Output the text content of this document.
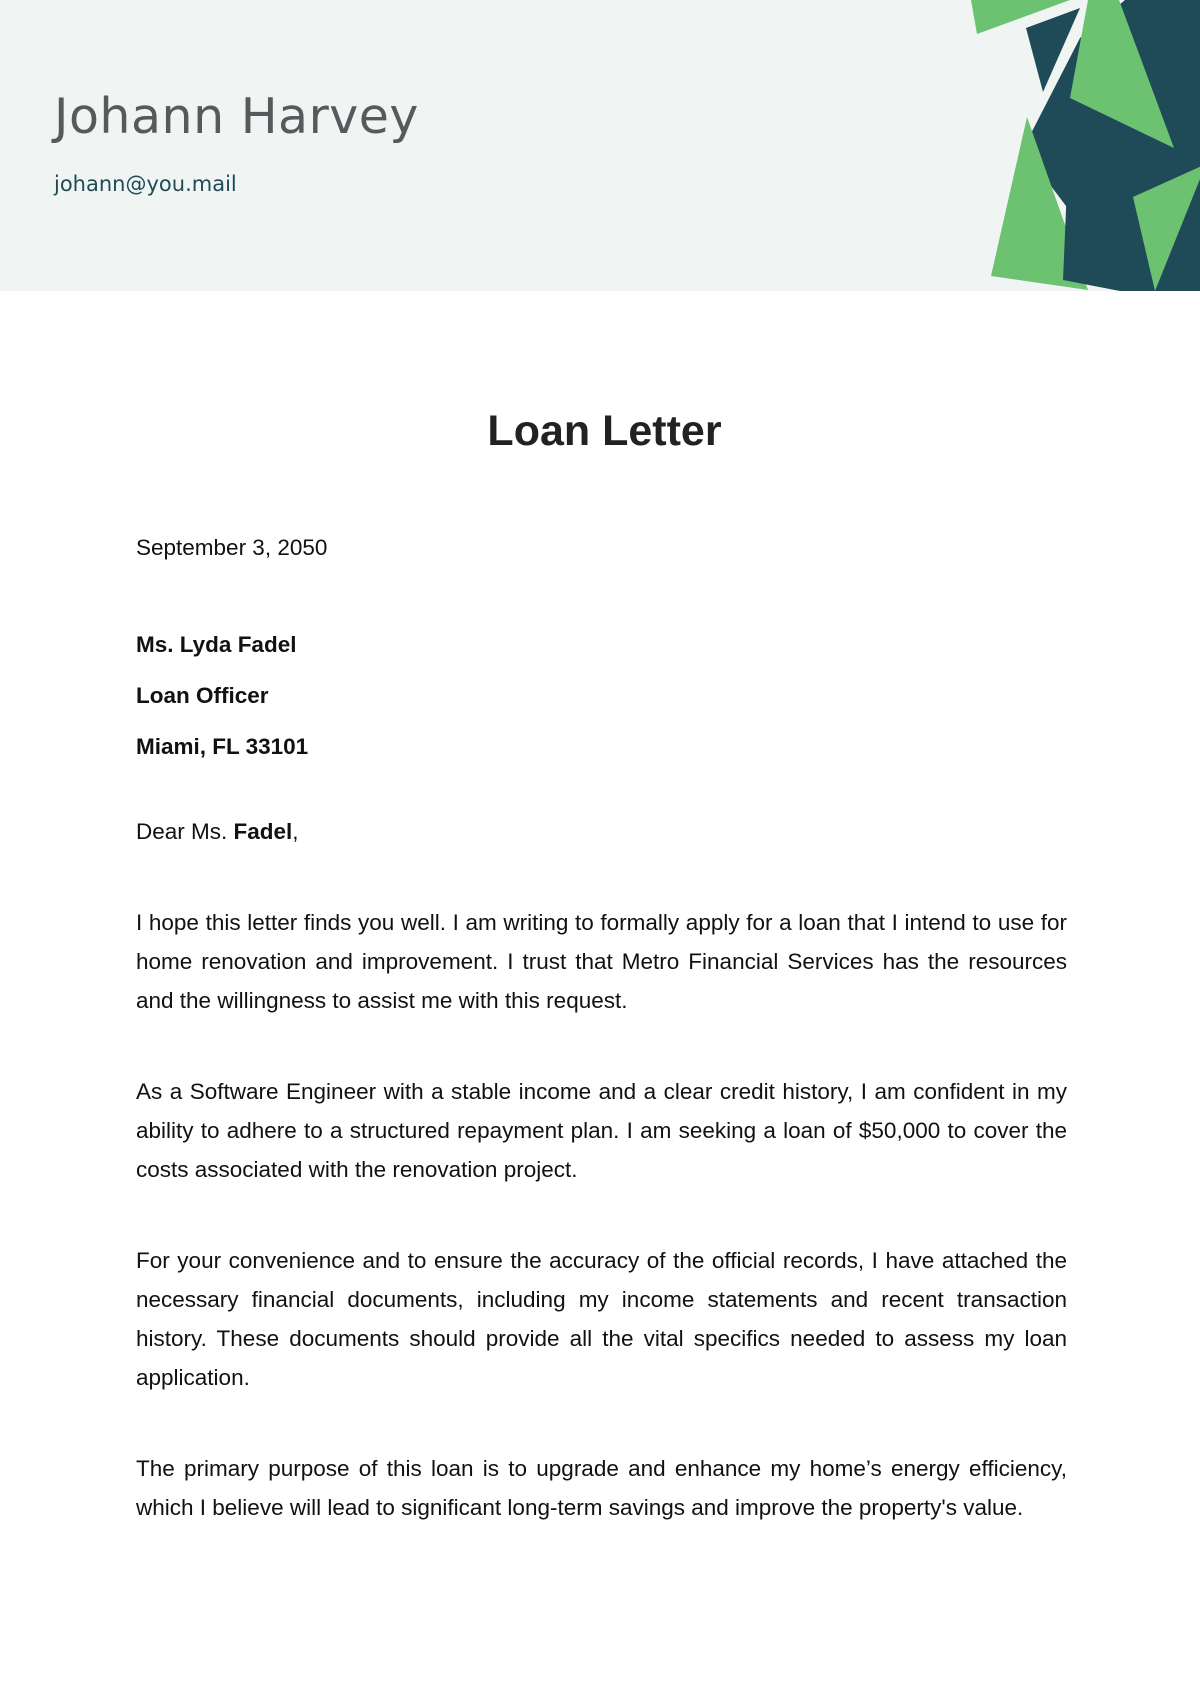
Johann Harvey
johann@you.mail
Loan Letter

September 3, 2050

Ms. Lyda Fadel
Loan Officer
Miami, FL 33101

Dear Ms. Fadel,

I hope this letter finds you well. I am writing to formally apply for a loan that I intend to use for home renovation and improvement. I trust that Metro Financial Services has the resources and the willingness to assist me with this request.

As a Software Engineer with a stable income and a clear credit history, I am confident in my ability to adhere to a structured repayment plan. I am seeking a loan of $50,000 to cover the costs associated with the renovation project.

For your convenience and to ensure the accuracy of the official records, I have attached the necessary financial documents, including my income statements and recent transaction history. These documents should provide all the vital specifics needed to assess my loan application.

The primary purpose of this loan is to upgrade and enhance my home’s energy efficiency, which I believe will lead to significant long-term savings and improve the property's value.
